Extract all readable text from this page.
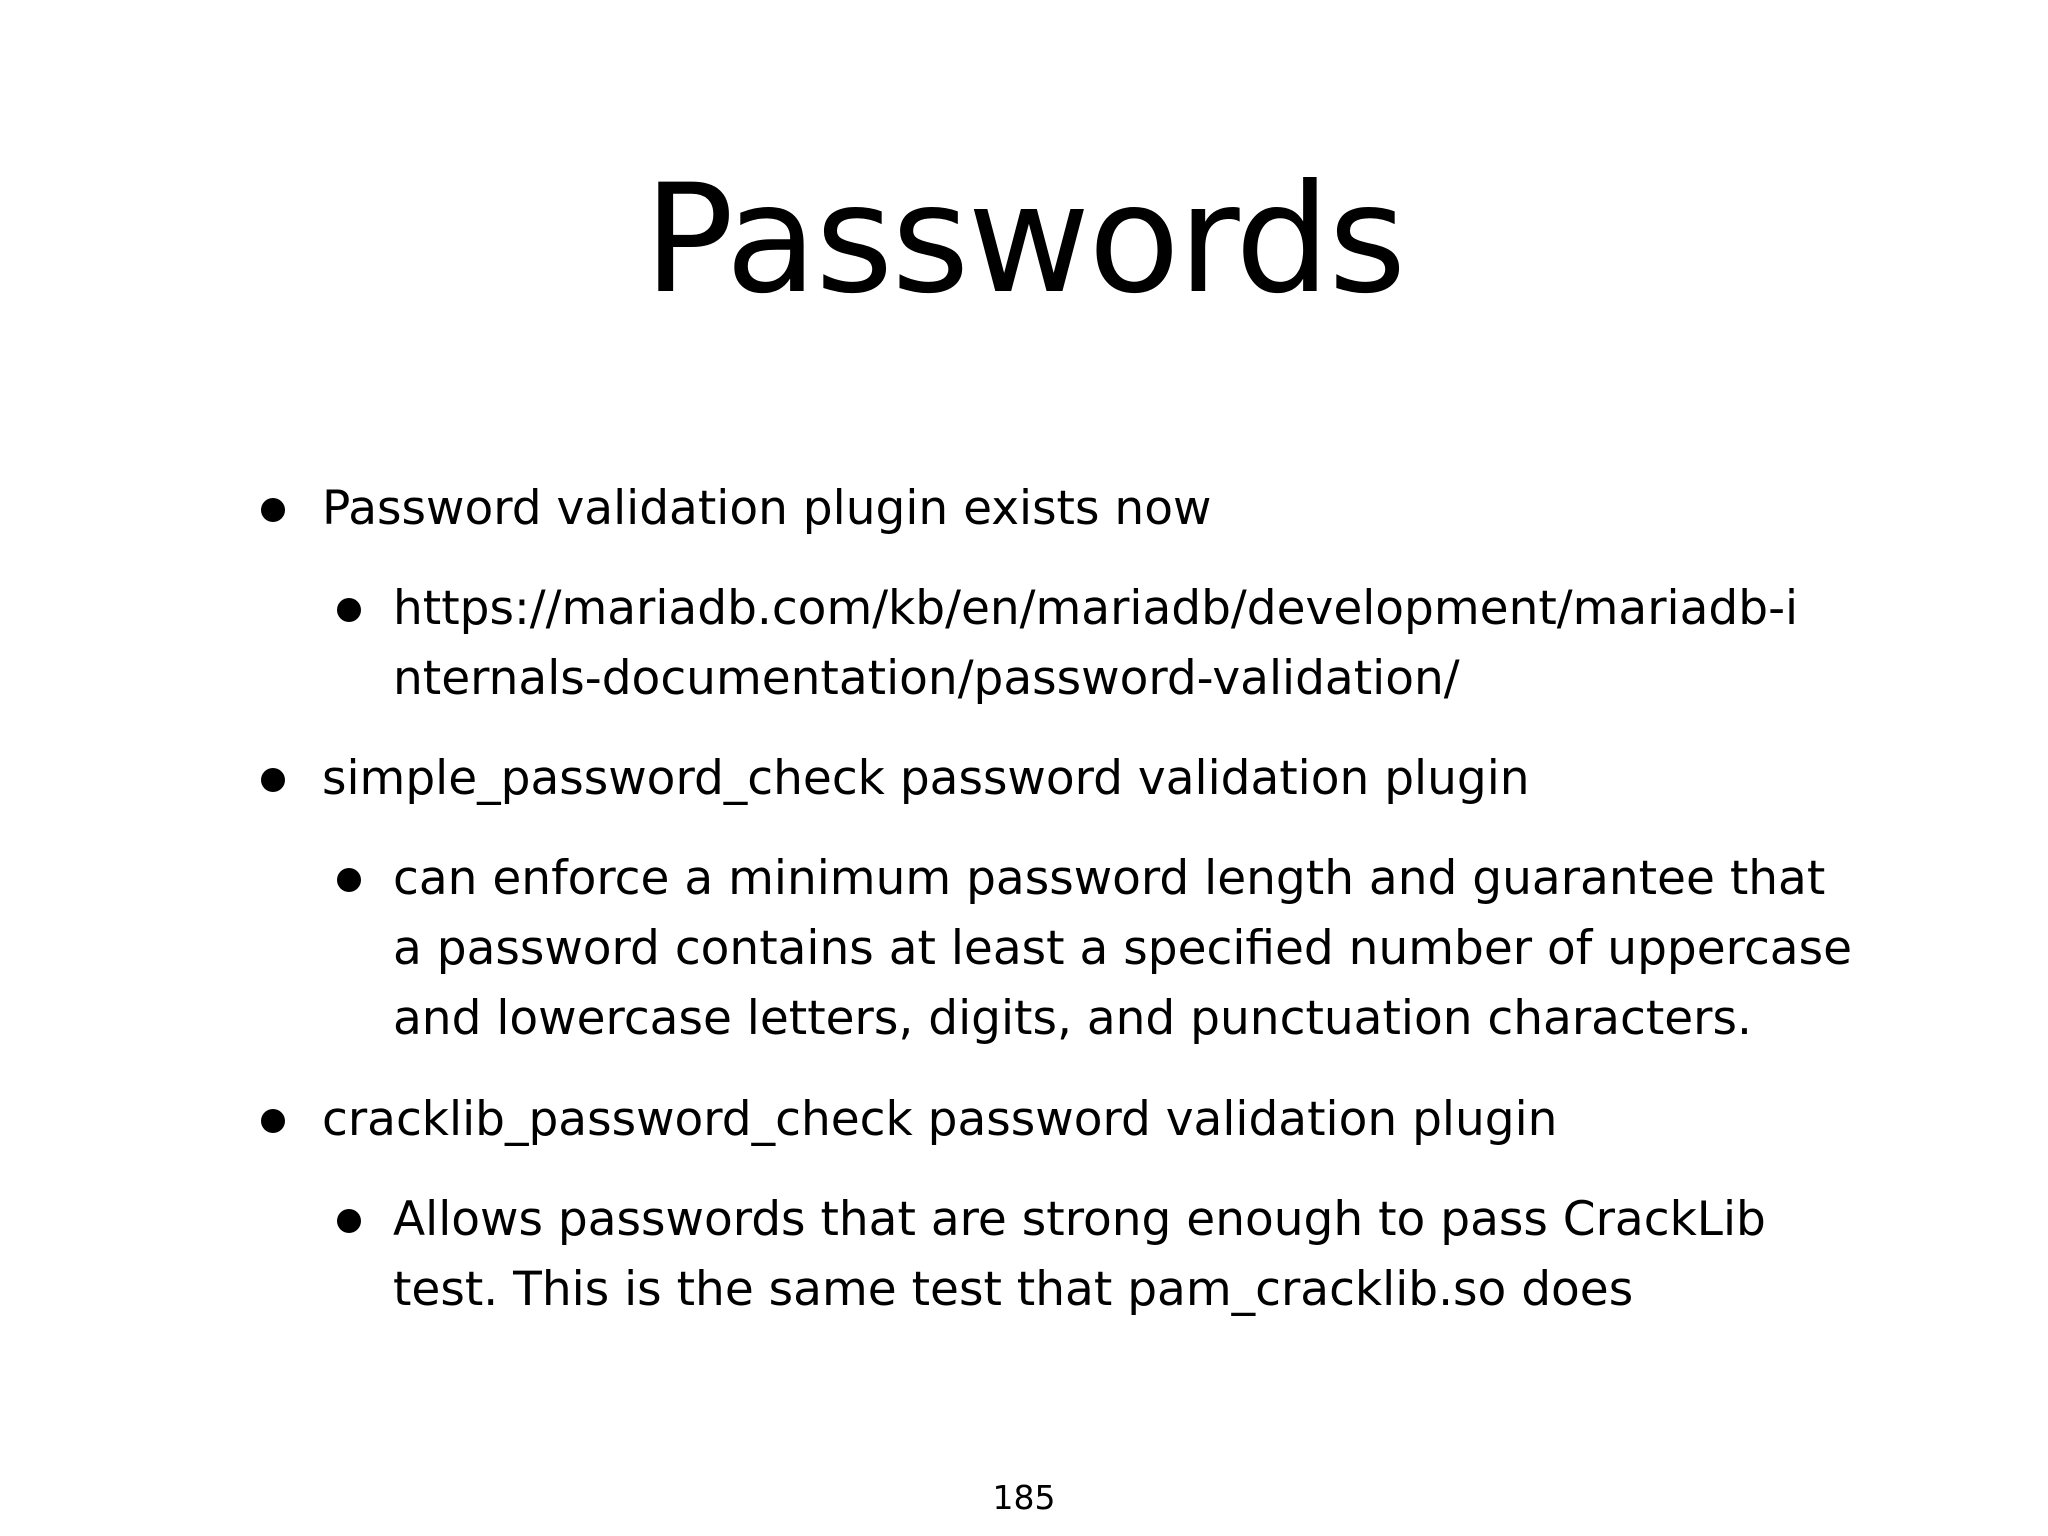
Passwords
Password validation plugin exists now
https://mariadb.com/kb/en/mariadb/development/mariadb-internals-documentation/password-validation/
simple_password_check password validation plugin
can enforce a minimum password length and guarantee that a password contains at least a specified number of uppercase and lowercase letters, digits, and punctuation characters.
cracklib_password_check password validation plugin
Allows passwords that are strong enough to pass CrackLib test. This is the same test that pam_cracklib.so does
185
